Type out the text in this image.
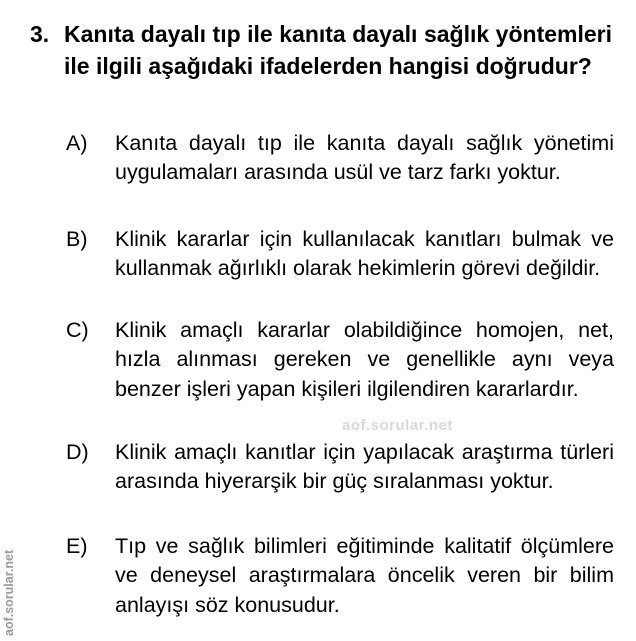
3. Kanıta dayalı tıp ile kanıta dayalı sağlık yöntemleri ile ilgili aşağıdaki ifadelerden hangisi doğrudur?
A) Kanıta dayalı tıp ile kanıta dayalı sağlık yönetimi uygulamaları arasında usül ve tarz farkı yoktur.
B) Klinik kararlar için kullanılacak kanıtları bulmak ve kullanmak ağırlıklı olarak hekimlerin görevi değildir.
C) Klinik amaçlı kararlar olabildiğince homojen, net, hızla alınması gereken ve genellikle aynı veya benzer işleri yapan kişileri ilgilendiren kararlardır.
D) Klinik amaçlı kanıtlar için yapılacak araştırma türleri arasında hiyerarşik bir güç sıralanması yoktur.
E) Tıp ve sağlık bilimleri eğitiminde kalitatif ölçümlere ve deneysel araştırmalara öncelik veren bir bilim anlayışı söz konusudur.
aof.sorular.net
aof.sorular.net
